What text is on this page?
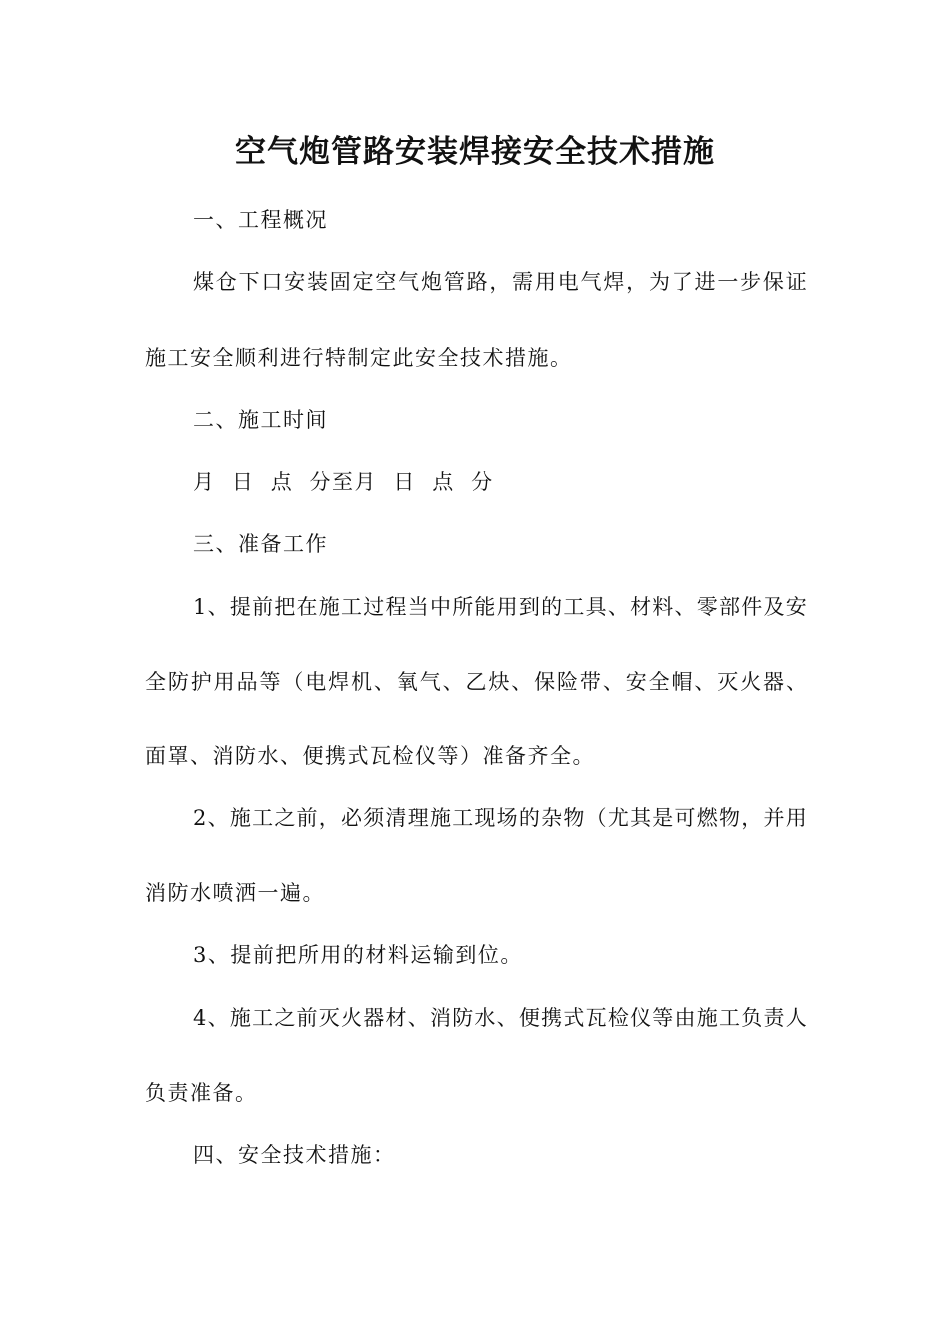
空气炮管路安装焊接安全技术措施
一、工程概况
煤 仓 下 口 安 装 固 定 空 气 炮 管 路 ， 需 用 电 气 焊 ， 为 了 进 一 步 保 证
施工安全顺利进行特制定此安全技术措施。
二、施工时间
月  日  点  分至月  日  点  分
三、准备工作
1 、 提 前 把 在 施 工 过 程 当 中 所 能 用 到 的 工 具 、 材 料 、 零 部 件 及 安
全 防 护 用 品 等 （ 电 焊 机 、 氧 气 、 乙 炔 、 保 险 带 、 安 全 帽 、 灭 火 器 、
面罩、消防水、便携式瓦检仪等）准备齐全。
2 、 施 工 之 前 ， 必 须 清 理 施 工 现 场 的 杂 物 （ 尤 其 是 可 燃 物 ， 并 用
消防水喷洒一遍。
3、提前把所用的材料运输到位。
4 、 施 工 之 前 灭 火 器 材 、 消 防 水 、 便 携 式 瓦 检 仪 等 由 施 工 负 责 人
负责准备。
四、安全技术措施：
